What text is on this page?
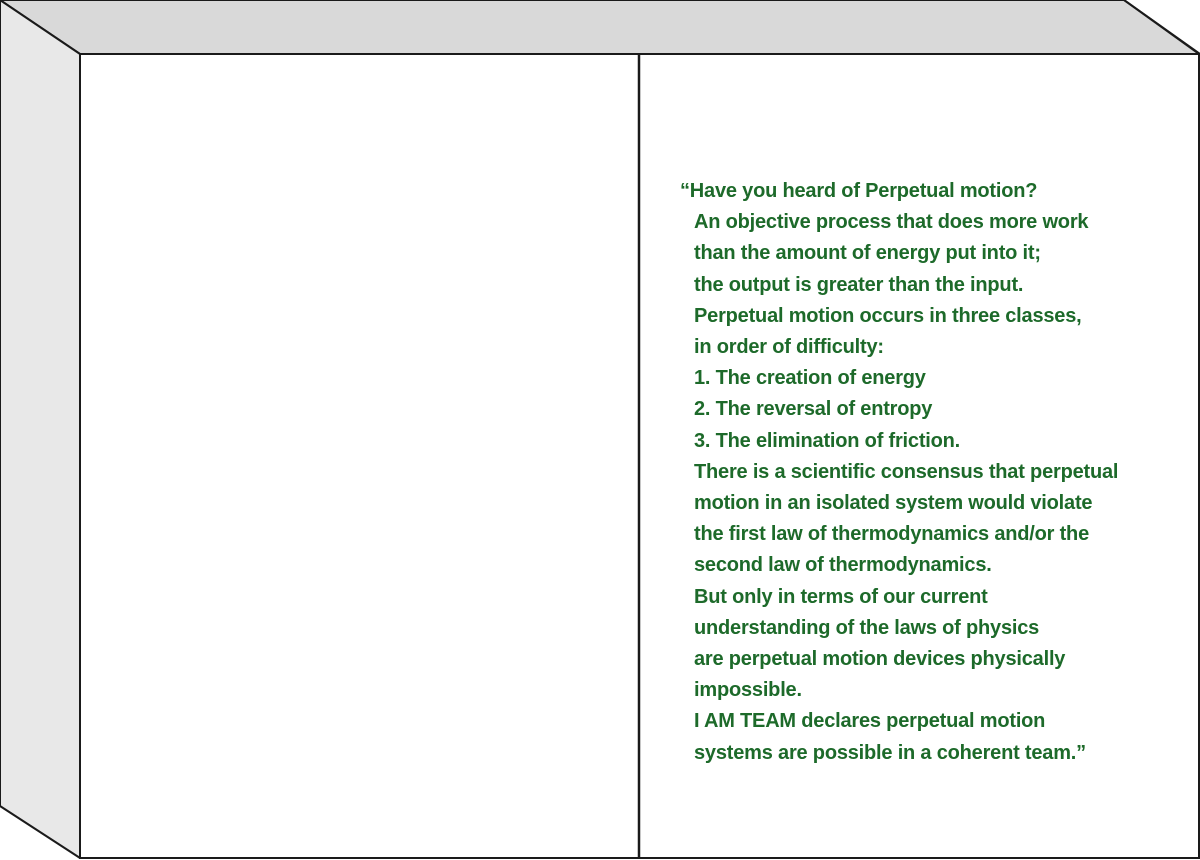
“Have you heard of Perpetual motion?
An objective process that does more work
than the amount of energy put into it;
the output is greater than the input.
Perpetual motion occurs in three classes,
in order of difficulty:
1. The creation of energy
2. The reversal of entropy
3. The elimination of friction.
There is a scientific consensus that perpetual
motion in an isolated system would violate
the first law of thermodynamics and/or the
second law of thermodynamics.
But only in terms of our current
understanding of the laws of physics
are perpetual motion devices physically
impossible.
I AM TEAM declares perpetual motion
systems are possible in a coherent team.”
